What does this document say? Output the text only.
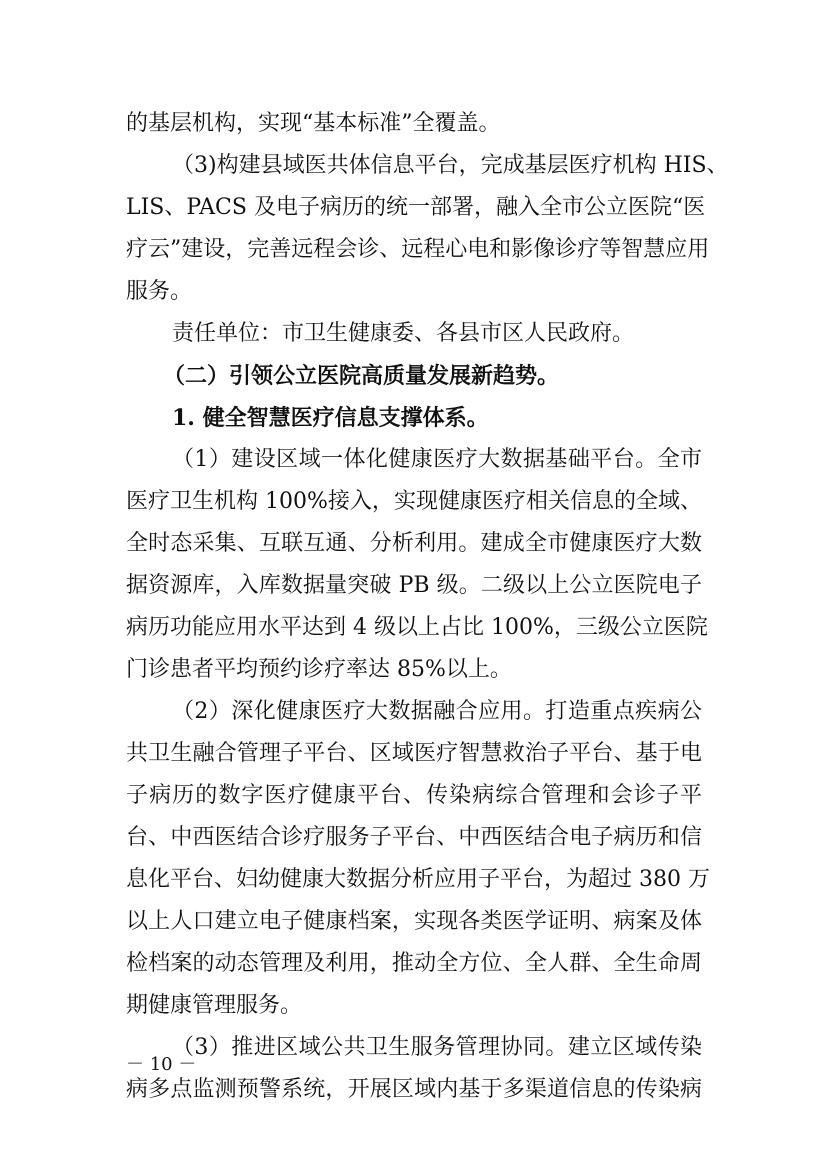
的基层机构，实现“基本标准”全覆盖。
（3)构建县域医共体信息平台，完成基层医疗机构 HIS、
LIS、PACS 及电子病历的统一部署，融入全市公立医院“医
疗云”建设，完善远程会诊、远程心电和影像诊疗等智慧应用
服务。
责任单位：市卫生健康委、各县市区人民政府。
（二）引领公立医院高质量发展新趋势。
1. 健全智慧医疗信息支撑体系。
（1）建设区域一体化健康医疗大数据基础平台。全市
医疗卫生机构 100%接入，实现健康医疗相关信息的全域、
全时态采集、互联互通、分析利用。建成全市健康医疗大数
据资源库，入库数据量突破 PB 级。二级以上公立医院电子
病历功能应用水平达到 4 级以上占比 100%，三级公立医院
门诊患者平均预约诊疗率达 85%以上。
（2）深化健康医疗大数据融合应用。打造重点疾病公
共卫生融合管理子平台、区域医疗智慧救治子平台、基于电
子病历的数字医疗健康平台、传染病综合管理和会诊子平
台、中西医结合诊疗服务子平台、中西医结合电子病历和信
息化平台、妇幼健康大数据分析应用子平台，为超过 380 万
以上人口建立电子健康档案，实现各类医学证明、病案及体
检档案的动态管理及利用，推动全方位、全人群、全生命周
期健康管理服务。
（3）推进区域公共卫生服务管理协同。建立区域传染
病多点监测预警系统，开展区域内基于多渠道信息的传染病
－ 10 －
